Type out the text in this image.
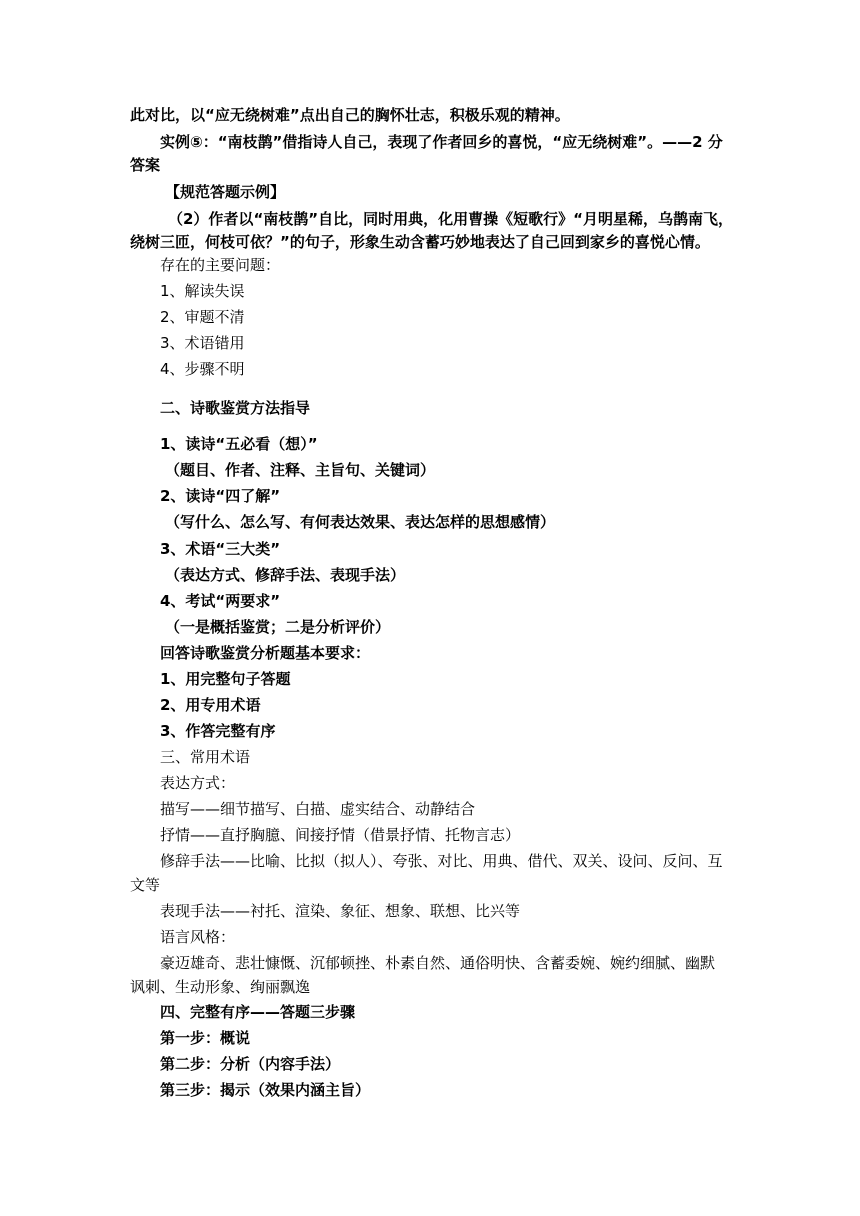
此对比，以“应无绕树难”点出自己的胸怀壮志，积极乐观的精神。

实例⑤：“南枝鹊”借指诗人自己，表现了作者回乡的喜悦，“应无绕树难”。——2 分

答案

【规范答题示例】

（2）作者以“南枝鹊”自比，同时用典，化用曹操《短歌行》“月明星稀，乌鹊南飞，

绕树三匝，何枝可依？”的句子，形象生动含蓄巧妙地表达了自己回到家乡的喜悦心情。

存在的主要问题：

1、解读失误

2、审题不清

3、术语错用

4、步骤不明

二、诗歌鉴赏方法指导

1、读诗“五必看（想）”

（题目、作者、注释、主旨句、关键词）

2、读诗“四了解”

（写什么、怎么写、有何表达效果、表达怎样的思想感情）

3、术语“三大类”

（表达方式、修辞手法、表现手法）

4、考试“两要求”

（一是概括鉴赏；二是分析评价）

回答诗歌鉴赏分析题基本要求：

1、用完整句子答题

2、用专用术语

3、作答完整有序

三、常用术语

表达方式：

描写——细节描写、白描、虚实结合、动静结合

抒情——直抒胸臆、间接抒情（借景抒情、托物言志）

修辞手法——比喻、比拟（拟人）、夸张、对比、用典、借代、双关、设问、反问、互

文等

表现手法——衬托、渲染、象征、想象、联想、比兴等

语言风格：

豪迈雄奇、悲壮慷慨、沉郁顿挫、朴素自然、通俗明快、含蓄委婉、婉约细腻、幽默

讽刺、生动形象、绚丽飘逸

四、完整有序——答题三步骤

第一步：概说

第二步：分析（内容手法）

第三步：揭示（效果内涵主旨）
